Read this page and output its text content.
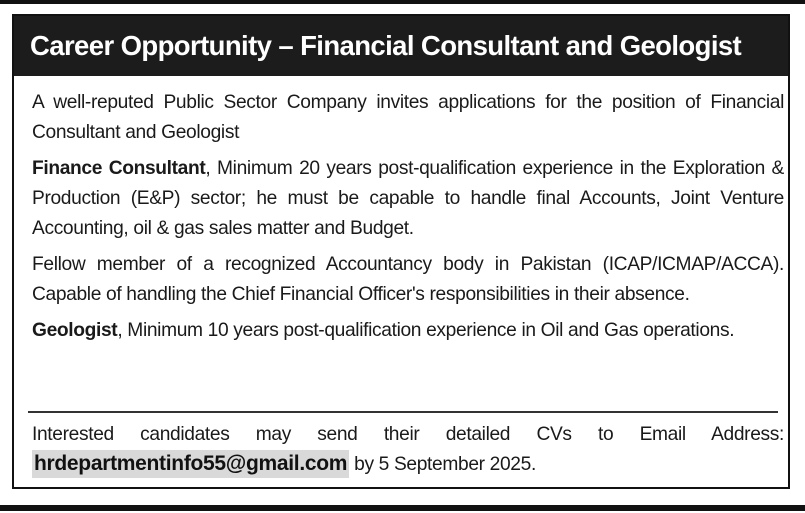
Career Opportunity – Financial Consultant and Geologist

A well-reputed Public Sector Company invites applications for the position of Financial Consultant and Geologist

Finance Consultant, Minimum 20 years post-qualification experience in the Exploration & Production (E&P) sector; he must be capable to handle final Accounts, Joint Venture Accounting, oil & gas sales matter and Budget.

Fellow member of a recognized Accountancy body in Pakistan (ICAP/ICMAP/ACCA). Capable of handling the Chief Financial Officer's responsibilities in their absence.

Geologist, Minimum 10 years post-qualification experience in Oil and Gas operations.

Interested candidates may send their detailed CVs to Email Address:
hrdepartmentinfo55@gmail.com by 5 September 2025.
